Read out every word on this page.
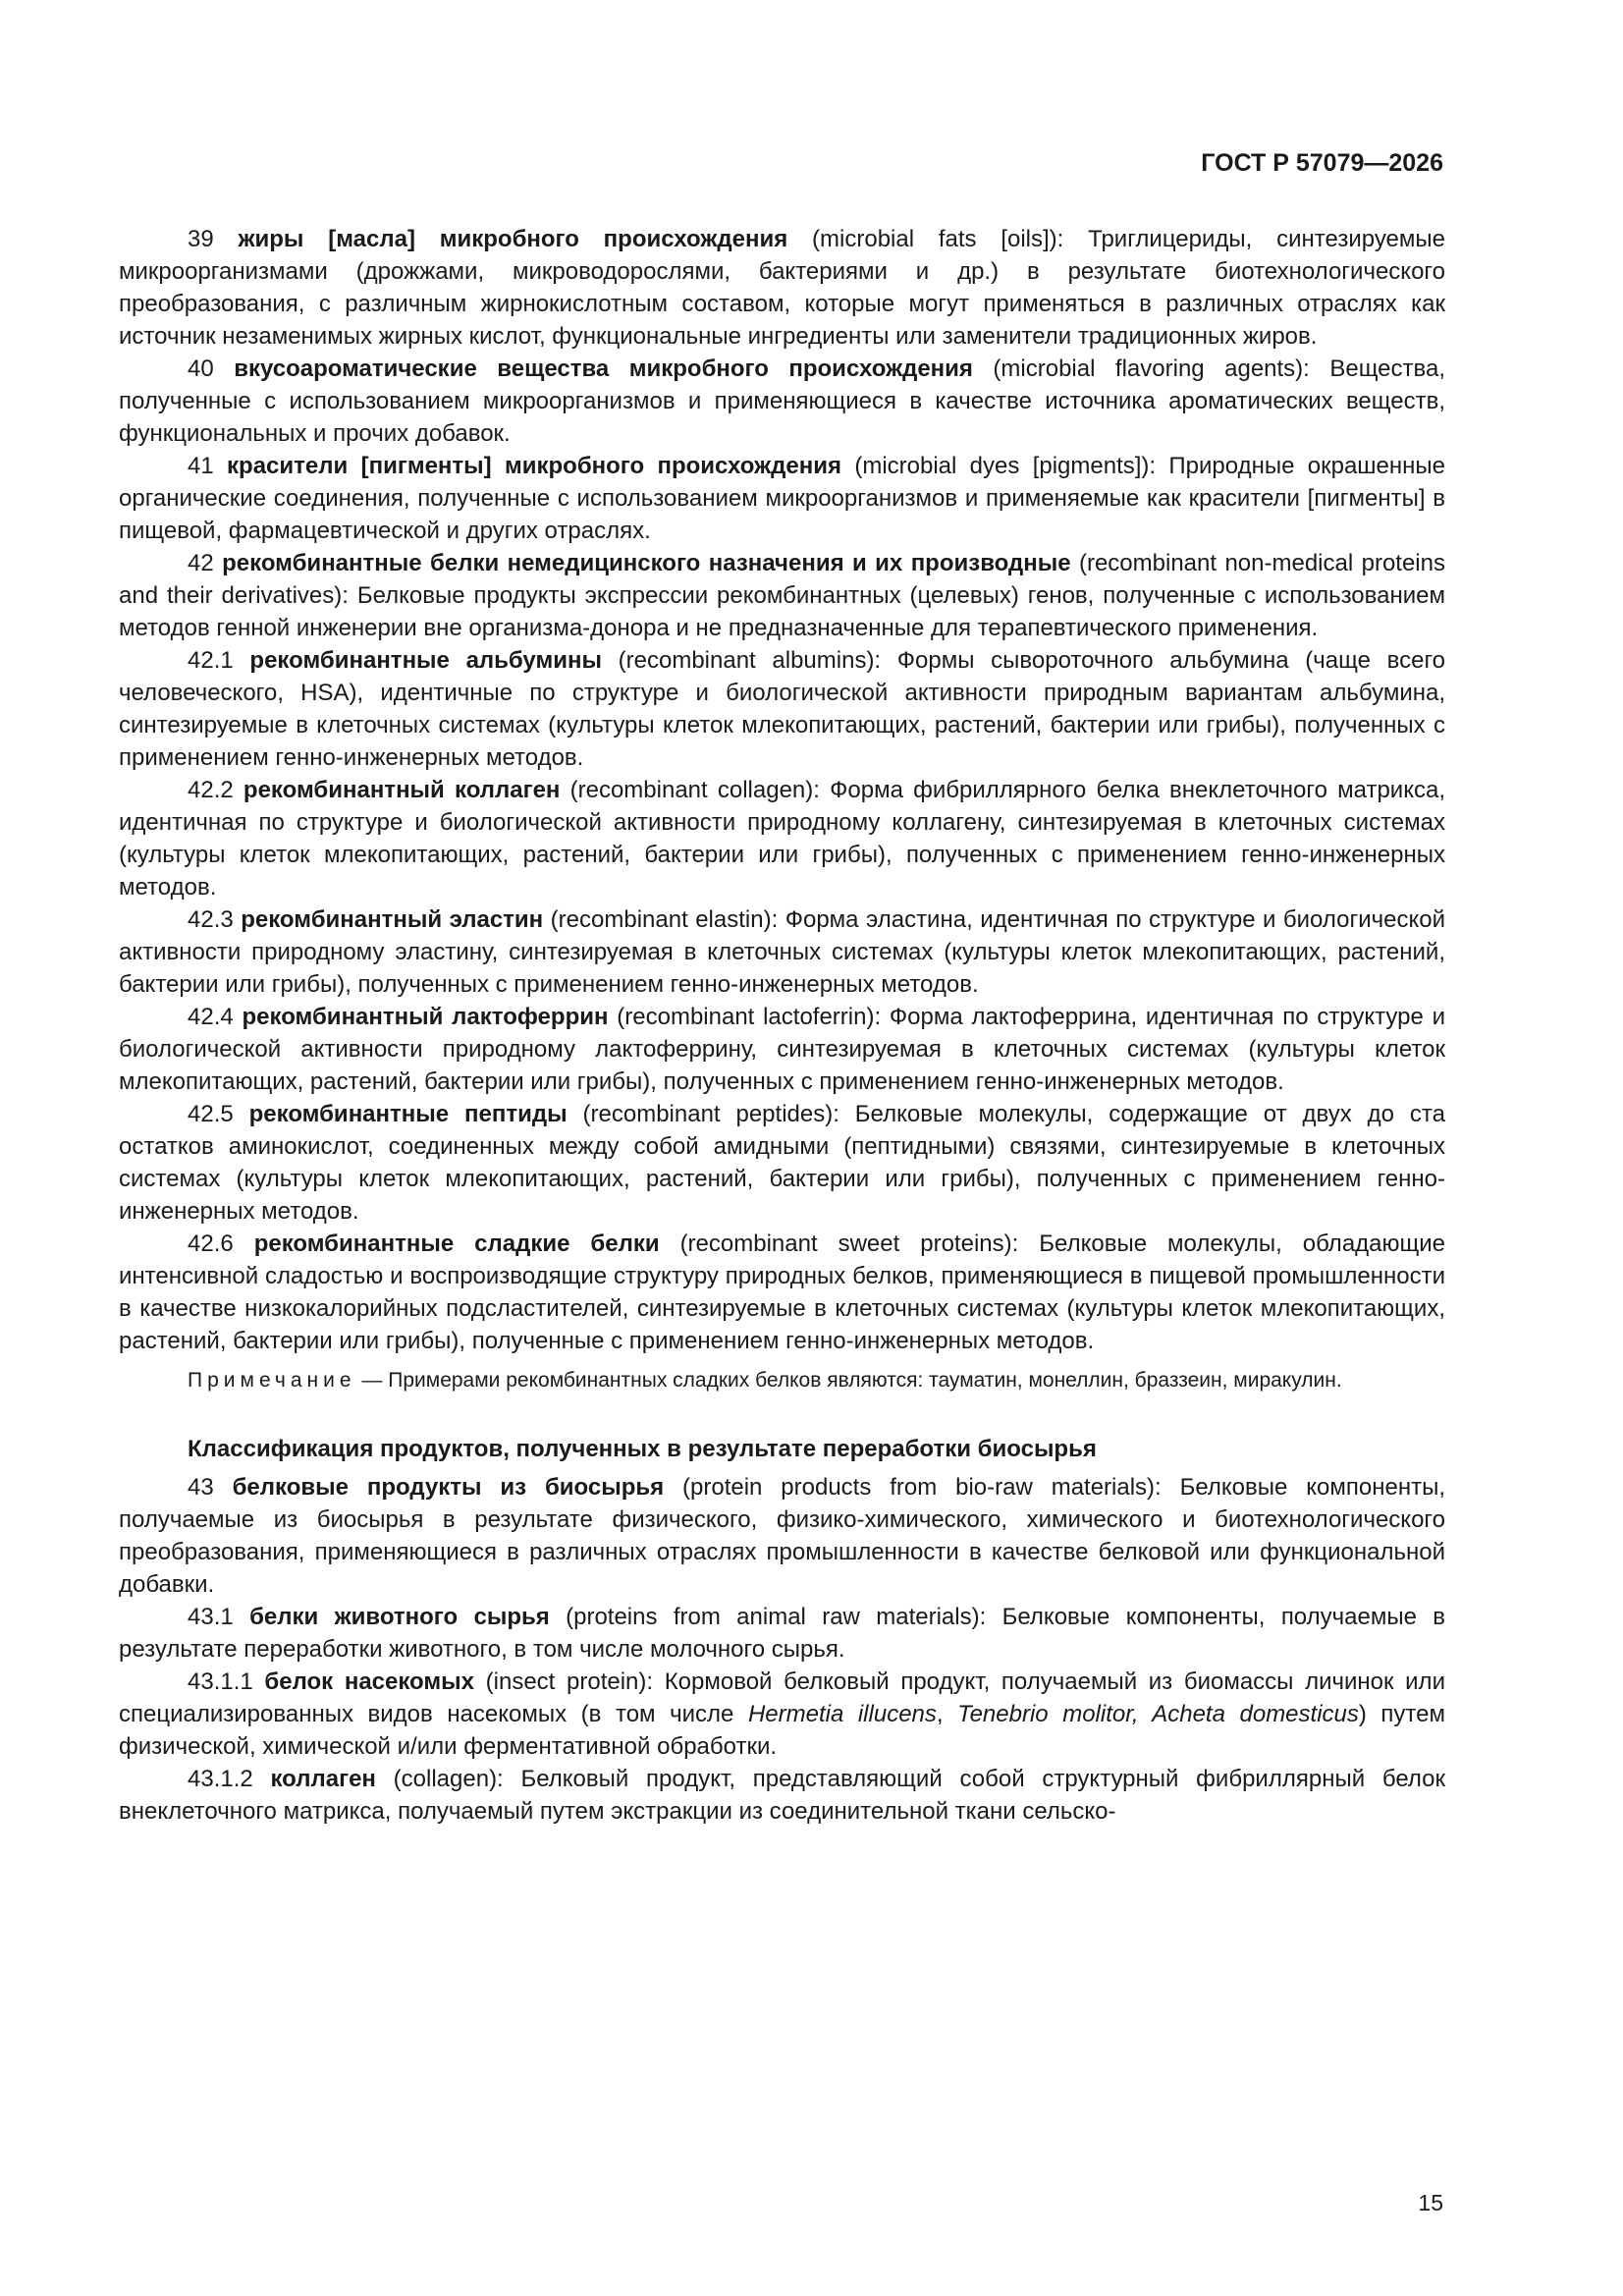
ГОСТ Р 57079—2026

39 жиры [масла] микробного происхождения (microbial fats [oils]): Триглицериды, синтезируемые микроорганизмами (дрожжами, микроводорослями, бактериями и др.) в результате биотехнологического преобразования, с различным жирнокислотным составом, которые могут применяться в различных отраслях как источник незаменимых жирных кислот, функциональные ингредиенты или заменители традиционных жиров.

40 вкусоароматические вещества микробного происхождения (microbial flavoring agents): Вещества, полученные с использованием микроорганизмов и применяющиеся в качестве источника ароматических веществ, функциональных и прочих добавок.

41 красители [пигменты] микробного происхождения (microbial dyes [pigments]): Природные окрашенные органические соединения, полученные с использованием микроорганизмов и применяемые как красители [пигменты] в пищевой, фармацевтической и других отраслях.

42 рекомбинантные белки немедицинского назначения и их производные (recombinant non-medical proteins and their derivatives): Белковые продукты экспрессии рекомбинантных (целевых) генов, полученные с использованием методов генной инженерии вне организма-донора и не предназначенные для терапевтического применения.

42.1 рекомбинантные альбумины (recombinant albumins): Формы сывороточного альбумина (чаще всего человеческого, HSA), идентичные по структуре и биологической активности природным вариантам альбумина, синтезируемые в клеточных системах (культуры клеток млекопитающих, растений, бактерии или грибы), полученных с применением генно-инженерных методов.

42.2 рекомбинантный коллаген (recombinant collagen): Форма фибриллярного белка внеклеточного матрикса, идентичная по структуре и биологической активности природному коллагену, синтезируемая в клеточных системах (культуры клеток млекопитающих, растений, бактерии или грибы), полученных с применением генно-инженерных методов.

42.3 рекомбинантный эластин (recombinant elastin): Форма эластина, идентичная по структуре и биологической активности природному эластину, синтезируемая в клеточных системах (культуры клеток млекопитающих, растений, бактерии или грибы), полученных с применением генно-инженерных методов.

42.4 рекомбинантный лактоферрин (recombinant lactoferrin): Форма лактоферрина, идентичная по структуре и биологической активности природному лактоферрину, синтезируемая в клеточных системах (культуры клеток млекопитающих, растений, бактерии или грибы), полученных с применением генно-инженерных методов.

42.5 рекомбинантные пептиды (recombinant peptides): Белковые молекулы, содержащие от двух до ста остатков аминокислот, соединенных между собой амидными (пептидными) связями, синтезируемые в клеточных системах (культуры клеток млекопитающих, растений, бактерии или грибы), полученных с применением генно-инженерных методов.

42.6 рекомбинантные сладкие белки (recombinant sweet proteins): Белковые молекулы, обладающие интенсивной сладостью и воспроизводящие структуру природных белков, применяющиеся в пищевой промышленности в качестве низкокалорийных подсластителей, синтезируемые в клеточных системах (культуры клеток млекопитающих, растений, бактерии или грибы), полученные с применением генно-инженерных методов.

Примечание — Примерами рекомбинантных сладких белков являются: тауматин, монеллин, браззеин, миракулин.

Классификация продуктов, полученных в результате переработки биосырья

43 белковые продукты из биосырья (protein products from bio-raw materials): Белковые компоненты, получаемые из биосырья в результате физического, физико-химического, химического и биотехнологического преобразования, применяющиеся в различных отраслях промышленности в качестве белковой или функциональной добавки.

43.1 белки животного сырья (proteins from animal raw materials): Белковые компоненты, получаемые в результате переработки животного, в том числе молочного сырья.

43.1.1 белок насекомых (insect protein): Кормовой белковый продукт, получаемый из биомассы личинок или специализированных видов насекомых (в том числе Hermetia illucens, Tenebrio molitor, Acheta domesticus) путем физической, химической и/или ферментативной обработки.

43.1.2 коллаген (collagen): Белковый продукт, представляющий собой структурный фибриллярный белок внеклеточного матрикса, получаемый путем экстракции из соединительной ткани сельско-

15
